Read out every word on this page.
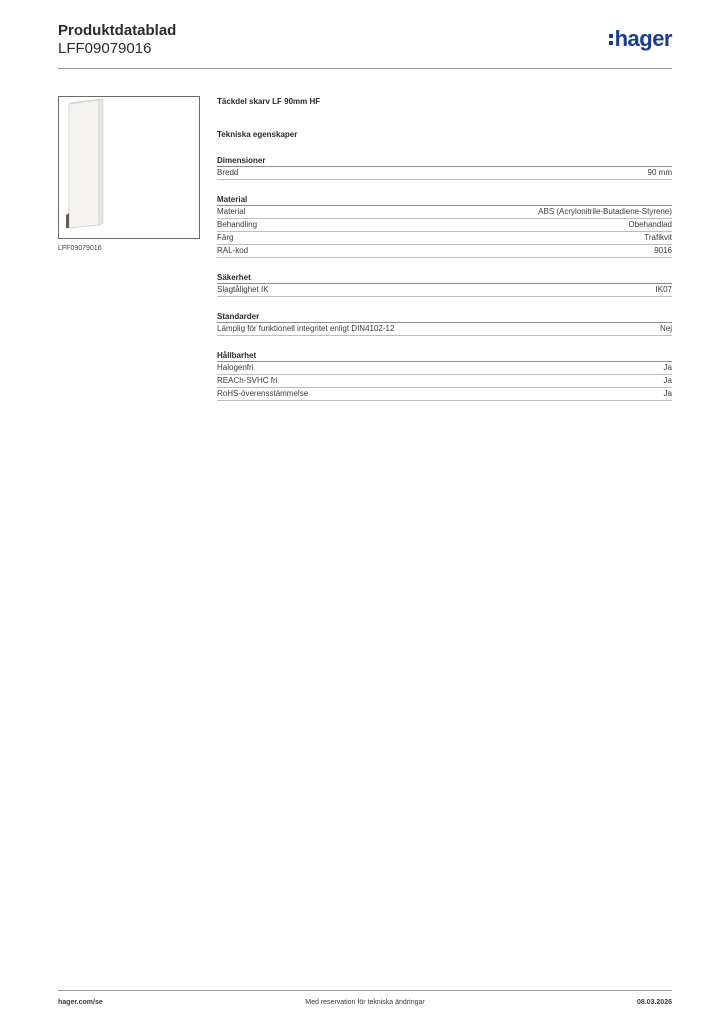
Produktdatablad
LFF09079016	hager
LFF09079016
Täckdel skarv LF 90mm HF
Tekniska egenskaper
Dimensioner
Bredd	90 mm
Material
Material	ABS (Acrylonitrile-Butadiene-Styrene)
Behandling	Obehandlad
Färg	Trafikvit
RAL-kod	9016
Säkerhet
Slagtålighet IK	IK07
Standarder
Lämplig för funktionell integritet enligt DIN4102-12	Nej
Hållbarhet
Halogenfri	Ja
REACh-SVHC fri	Ja
RoHS-överensstämmelse	Ja
hager.com/se	Med reservation för tekniska ändringar	08.03.2026
